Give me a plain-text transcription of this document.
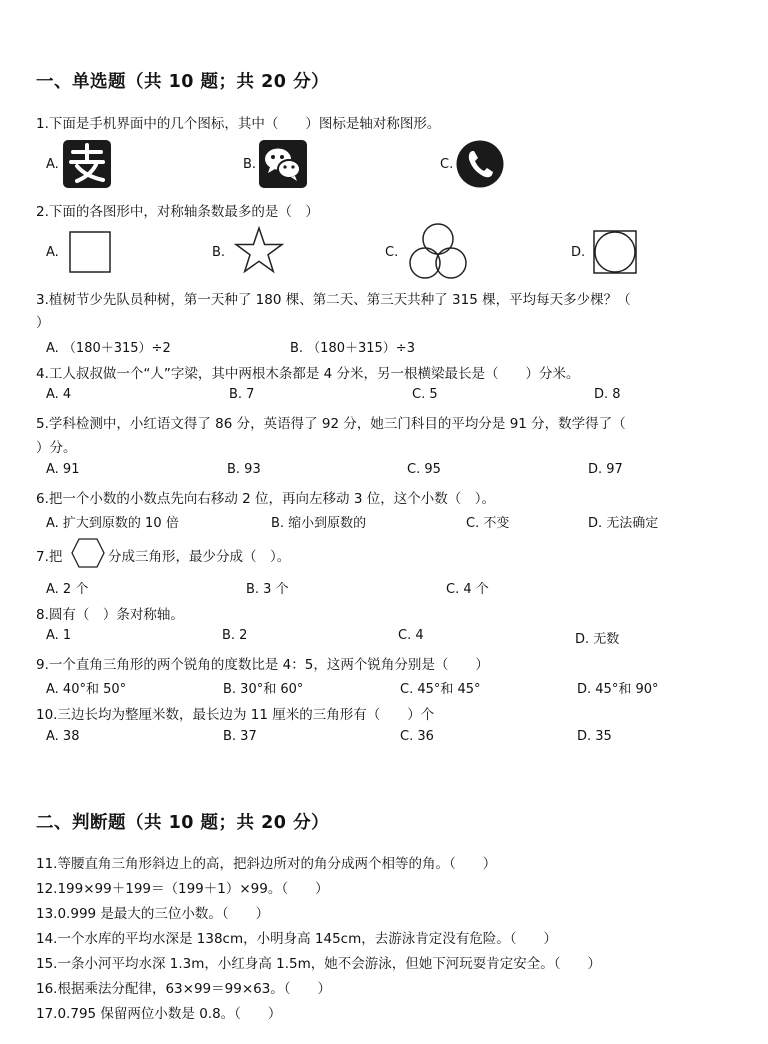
一、单选题（共 10 题；共 20 分）
1.下面是手机界面中的几个图标，其中（　　）图标是轴对称图形。
A.	B.	C.
2.下面的各图形中，对称轴条数最多的是（　）
A.	B.	C.	D.
3.植树节少先队员种树，第一天种了 180 棵、第二天、第三天共种了 315 棵，平均每天多少棵？（
）
A. （180＋315）÷2	B. （180＋315）÷3
4.工人叔叔做一个“人”字梁，其中两根木条都是 4 分米，另一根横梁最长是（　　）分米。
A. 4	B. 7	C. 5	D. 8
5.学科检测中，小红语文得了 86 分，英语得了 92 分，她三门科目的平均分是 91 分，数学得了（
）分。
A. 91	B. 93	C. 95	D. 97
6.把一个小数的小数点先向右移动 2 位，再向左移动 3 位，这个小数（　）。
A. 扩大到原数的 10 倍	B. 缩小到原数的	C. 不变	D. 无法确定
7.把	分成三角形，最少分成（　）。
A. 2 个	B. 3 个	C. 4 个
8.圆有（　）条对称轴。
A. 1	B. 2	C. 4	D. 无数
9.一个直角三角形的两个锐角的度数比是 4：5，这两个锐角分别是（　　）
A. 40°和 50°	B. 30°和 60°	C. 45°和 45°	D. 45°和 90°
10.三边长均为整厘米数，最长边为 11 厘米的三角形有（　　）个
A. 38	B. 37	C. 36	D. 35
二、判断题（共 10 题；共 20 分）
11.等腰直角三角形斜边上的高，把斜边所对的角分成两个相等的角。（　　）
12.199×99＋199＝（199＋1）×99。（　　）
13.0.999 是最大的三位小数。（　　）
14.一个水库的平均水深是 138cm，小明身高 145cm，去游泳肯定没有危险。（　　）
15.一条小河平均水深 1.3m，小红身高 1.5m，她不会游泳，但她下河玩耍肯定安全。（　　）
16.根据乘法分配律，63×99＝99×63。（　　）
17.0.795 保留两位小数是 0.8。（　　）
